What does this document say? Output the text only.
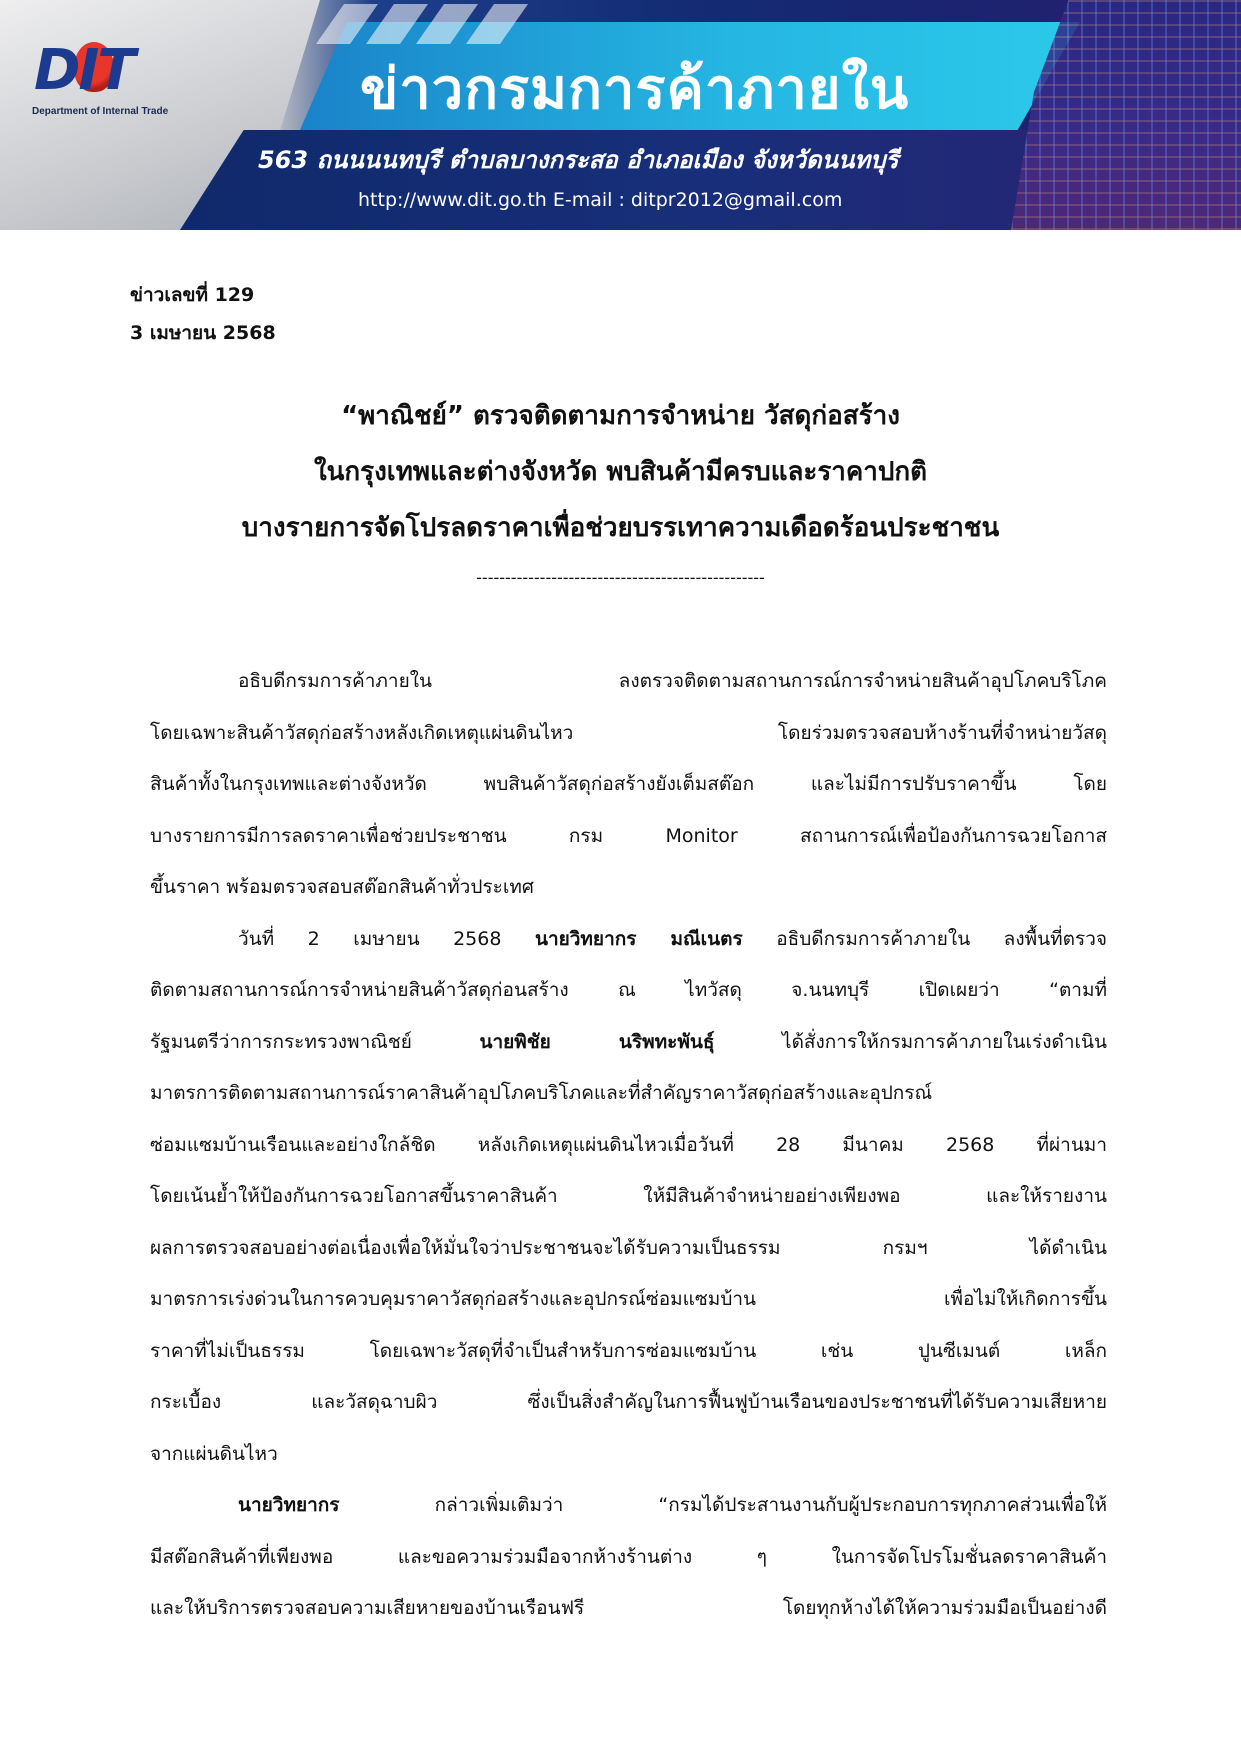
DIT
Department of Internal Trade	ข่าวกรมการค้าภายใน
563 ถนนนนทบุรี ตำบลบางกระสอ อำเภอเมือง จังหวัดนนทบุรี
http://www.dit.go.th E-mail : ditpr2012@gmail.com
ข่าวเลขที่ 129
3 เมษายน 2568
“พาณิชย์” ตรวจติดตามการจำหน่าย วัสดุก่อสร้าง
ในกรุงเทพและต่างจังหวัด พบสินค้ามีครบและราคาปกติ
บางรายการจัดโปรลดราคาเพื่อช่วยบรรเทาความเดือดร้อนประชาชน
--------------------------------------------------

อธิบดีกรมการค้าภายใน ลงตรวจติดตามสถานการณ์การจำหน่ายสินค้าอุปโภคบริโภค
โดยเฉพาะสินค้าวัสดุก่อสร้างหลังเกิดเหตุแผ่นดินไหว โดยร่วมตรวจสอบห้างร้านที่จำหน่ายวัสดุ
สินค้าทั้งในกรุงเทพและต่างจังหวัด พบสินค้าวัสดุก่อสร้างยังเต็มสต๊อก และไม่มีการปรับราคาขึ้น โดย
บางรายการมีการลดราคาเพื่อช่วยประชาชน กรม Monitor สถานการณ์เพื่อป้องกันการฉวยโอกาส
ขึ้นราคา พร้อมตรวจสอบสต๊อกสินค้าทั่วประเทศ

วันที่ 2 เมษายน 2568 นายวิทยากร มณีเนตร อธิบดีกรมการค้าภายใน ลงพื้นที่ตรวจ
ติดตามสถานการณ์การจำหน่ายสินค้าวัสดุก่อนสร้าง ณ ไทวัสดุ จ.นนทบุรี เปิดเผยว่า “ตามที่
รัฐมนตรีว่าการกระทรวงพาณิชย์ นายพิชัย นริพทะพันธุ์ ได้สั่งการให้กรมการค้าภายในเร่งดำเนิน
มาตรการติดตามสถานการณ์ราคาสินค้าอุปโภคบริโภคและที่สำคัญราคาวัสดุก่อสร้างและอุปกรณ์
ซ่อมแซมบ้านเรือนและอย่างใกล้ชิด หลังเกิดเหตุแผ่นดินไหวเมื่อวันที่ 28 มีนาคม 2568 ที่ผ่านมา
โดยเน้นย้ำให้ป้องกันการฉวยโอกาสขึ้นราคาสินค้า ให้มีสินค้าจำหน่ายอย่างเพียงพอ และให้รายงาน
ผลการตรวจสอบอย่างต่อเนื่องเพื่อให้มั่นใจว่าประชาชนจะได้รับความเป็นธรรม กรมฯ ได้ดำเนิน
มาตรการเร่งด่วนในการควบคุมราคาวัสดุก่อสร้างและอุปกรณ์ซ่อมแซมบ้าน เพื่อไม่ให้เกิดการขึ้น
ราคาที่ไม่เป็นธรรม โดยเฉพาะวัสดุที่จำเป็นสำหรับการซ่อมแซมบ้าน เช่น ปูนซีเมนต์ เหล็ก
กระเบื้อง และวัสดุฉาบผิว ซึ่งเป็นสิ่งสำคัญในการฟื้นฟูบ้านเรือนของประชาชนที่ได้รับความเสียหาย
จากแผ่นดินไหว

นายวิทยากร กล่าวเพิ่มเติมว่า “กรมได้ประสานงานกับผู้ประกอบการทุกภาคส่วนเพื่อให้
มีสต๊อกสินค้าที่เพียงพอ และขอความร่วมมือจากห้างร้านต่าง ๆ ในการจัดโปรโมชั่นลดราคาสินค้า
และให้บริการตรวจสอบความเสียหายของบ้านเรือนฟรี โดยทุกห้างได้ให้ความร่วมมือเป็นอย่างดี
